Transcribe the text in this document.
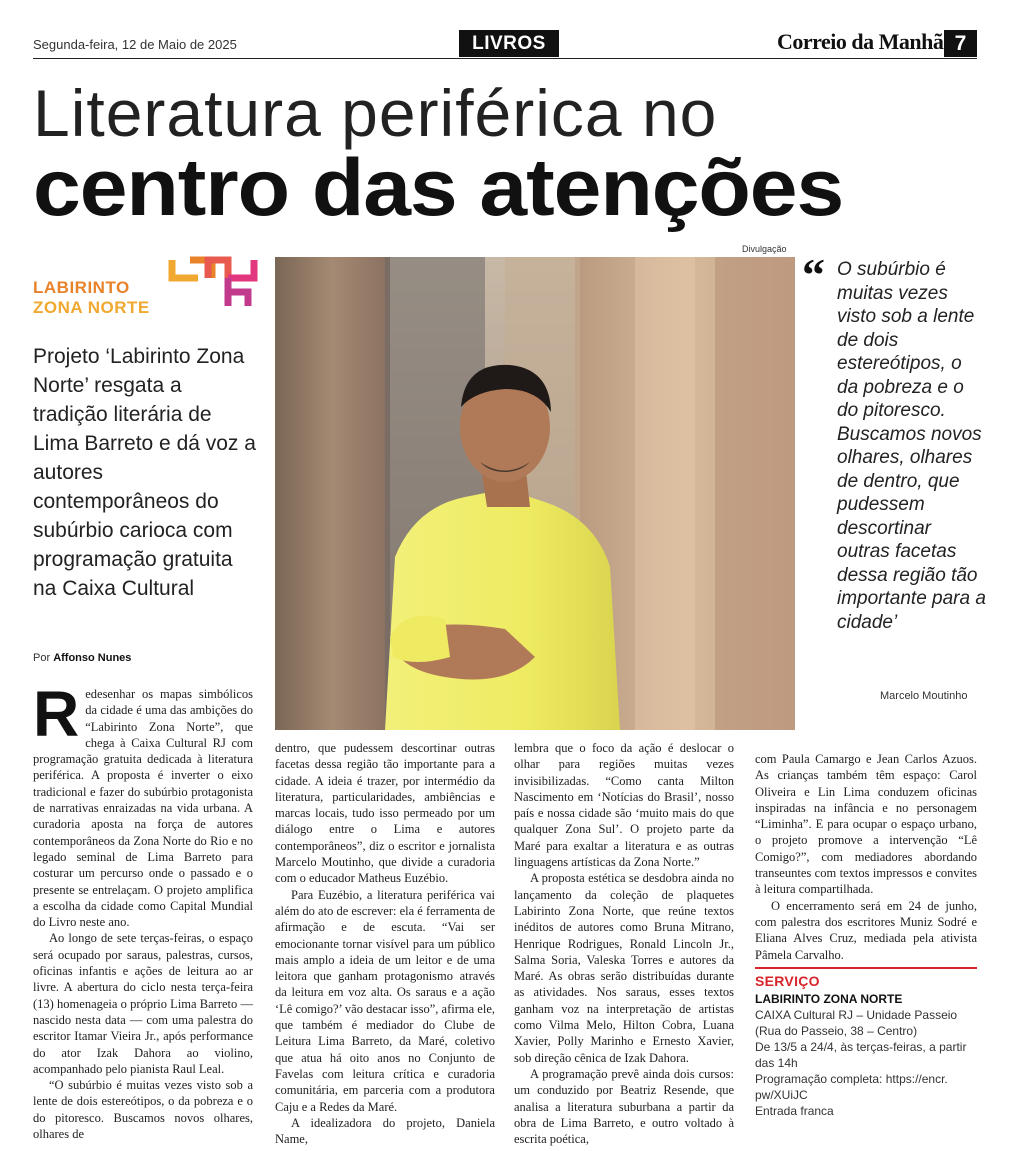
Segunda-feira, 12 de Maio de 2025	LIVROS	Correio da Manhã 7
Literatura periférica no
centro das atenções
LABIRINTO
ZONA NORTE
Projeto ‘Labirinto Zona Norte’ resgata a tradição literária de Lima Barreto e dá voz a autores contemporâneos do subúrbio carioca com programação gratuita na Caixa Cultural
Por Affonso Nunes
Divulgação “ O subúrbio é muitas vezes visto sob a lente de dois estereótipos, o da pobreza e o do pitoresco. Buscamos novos olhares, olhares de dentro, que pudessem descortinar outras facetas dessa região tão importante para a cidade’
Marcelo Moutinho

Redesenhar os mapas simbólicos da cidade é uma das ambições do “Labirinto Zona Norte”, que chega à Caixa Cultural RJ com programação gratuita dedicada à literatura periférica. A proposta é inverter o eixo tradicional e fazer do subúrbio protagonista de narrativas enraizadas na vida urbana. A curadoria aposta na força de autores contemporâneos da Zona Norte do Rio e no legado seminal de Lima Barreto para costurar um percurso onde o passado e o presente se entrelaçam. O projeto amplifica a escolha da cidade como Capital Mundial do Livro neste ano.

Ao longo de sete terças-feiras, o espaço será ocupado por saraus, palestras, cursos, oficinas infantis e ações de leitura ao ar livre. A abertura do ciclo nesta terça-feira (13) homenageia o próprio Lima Barreto — nascido nesta data — com uma palestra do escritor Itamar Vieira Jr., após performance do ator Izak Dahora ao violino, acompanhado pelo pianista Raul Leal.

“O subúrbio é muitas vezes visto sob a lente de dois estereótipos, o da pobreza e o do pitoresco. Buscamos novos olhares, olhares de

dentro, que pudessem descortinar outras facetas dessa região tão importante para a cidade. A ideia é trazer, por intermédio da literatura, particularidades, ambiências e marcas locais, tudo isso permeado por um diálogo entre o Lima e autores contemporâneos”, diz o escritor e jornalista Marcelo Moutinho, que divide a curadoria com o educador Matheus Euzébio.

Para Euzébio, a literatura periférica vai além do ato de escrever: ela é ferramenta de afirmação e de escuta. “Vai ser emocionante tornar visível para um público mais amplo a ideia de um leitor e de uma leitora que ganham protagonismo através da leitura em voz alta. Os saraus e a ação ‘Lê comigo?’ vão destacar isso”, afirma ele, que também é mediador do Clube de Leitura Lima Barreto, da Maré, coletivo que atua há oito anos no Conjunto de Favelas com leitura crítica e curadoria comunitária, em parceria com a produtora Caju e a Redes da Maré.

A idealizadora do projeto, Daniela Name,

lembra que o foco da ação é deslocar o olhar para regiões muitas vezes invisibilizadas. “Como canta Milton Nascimento em ‘Notícias do Brasil’, nosso país e nossa cidade são ‘muito mais do que qualquer Zona Sul’. O projeto parte da Maré para exaltar a literatura e as outras linguagens artísticas da Zona Norte.”

A proposta estética se desdobra ainda no lançamento da coleção de plaquetes Labirinto Zona Norte, que reúne textos inéditos de autores como Bruna Mitrano, Henrique Rodrigues, Ronald Lincoln Jr., Salma Soria, Valeska Torres e autores da Maré. As obras serão distribuídas durante as atividades. Nos saraus, esses textos ganham voz na interpretação de artistas como Vilma Melo, Hilton Cobra, Luana Xavier, Polly Marinho e Ernesto Xavier, sob direção cênica de Izak Dahora.

A programação prevê ainda dois cursos: um conduzido por Beatriz Resende, que analisa a literatura suburbana a partir da obra de Lima Barreto, e outro voltado à escrita poética,

com Paula Camargo e Jean Carlos Azuos. As crianças também têm espaço: Carol Oliveira e Lin Lima conduzem oficinas inspiradas na infância e no personagem “Liminha”. E para ocupar o espaço urbano, o projeto promove a intervenção “Lê Comigo?”, com mediadores abordando transeuntes com textos impressos e convites à leitura compartilhada.

O encerramento será em 24 de junho, com palestra dos escritores Muniz Sodré e Eliana Alves Cruz, mediada pela ativista Pâmela Carvalho.

SERVIÇO
LABIRINTO ZONA NORTE
CAIXA Cultural RJ – Unidade Passeio
(Rua do Passeio, 38 – Centro)
De 13/5 a 24/4, às terças-feiras, a partir
das 14h
Programação completa: https://encr.
pw/XUiJC
Entrada franca
